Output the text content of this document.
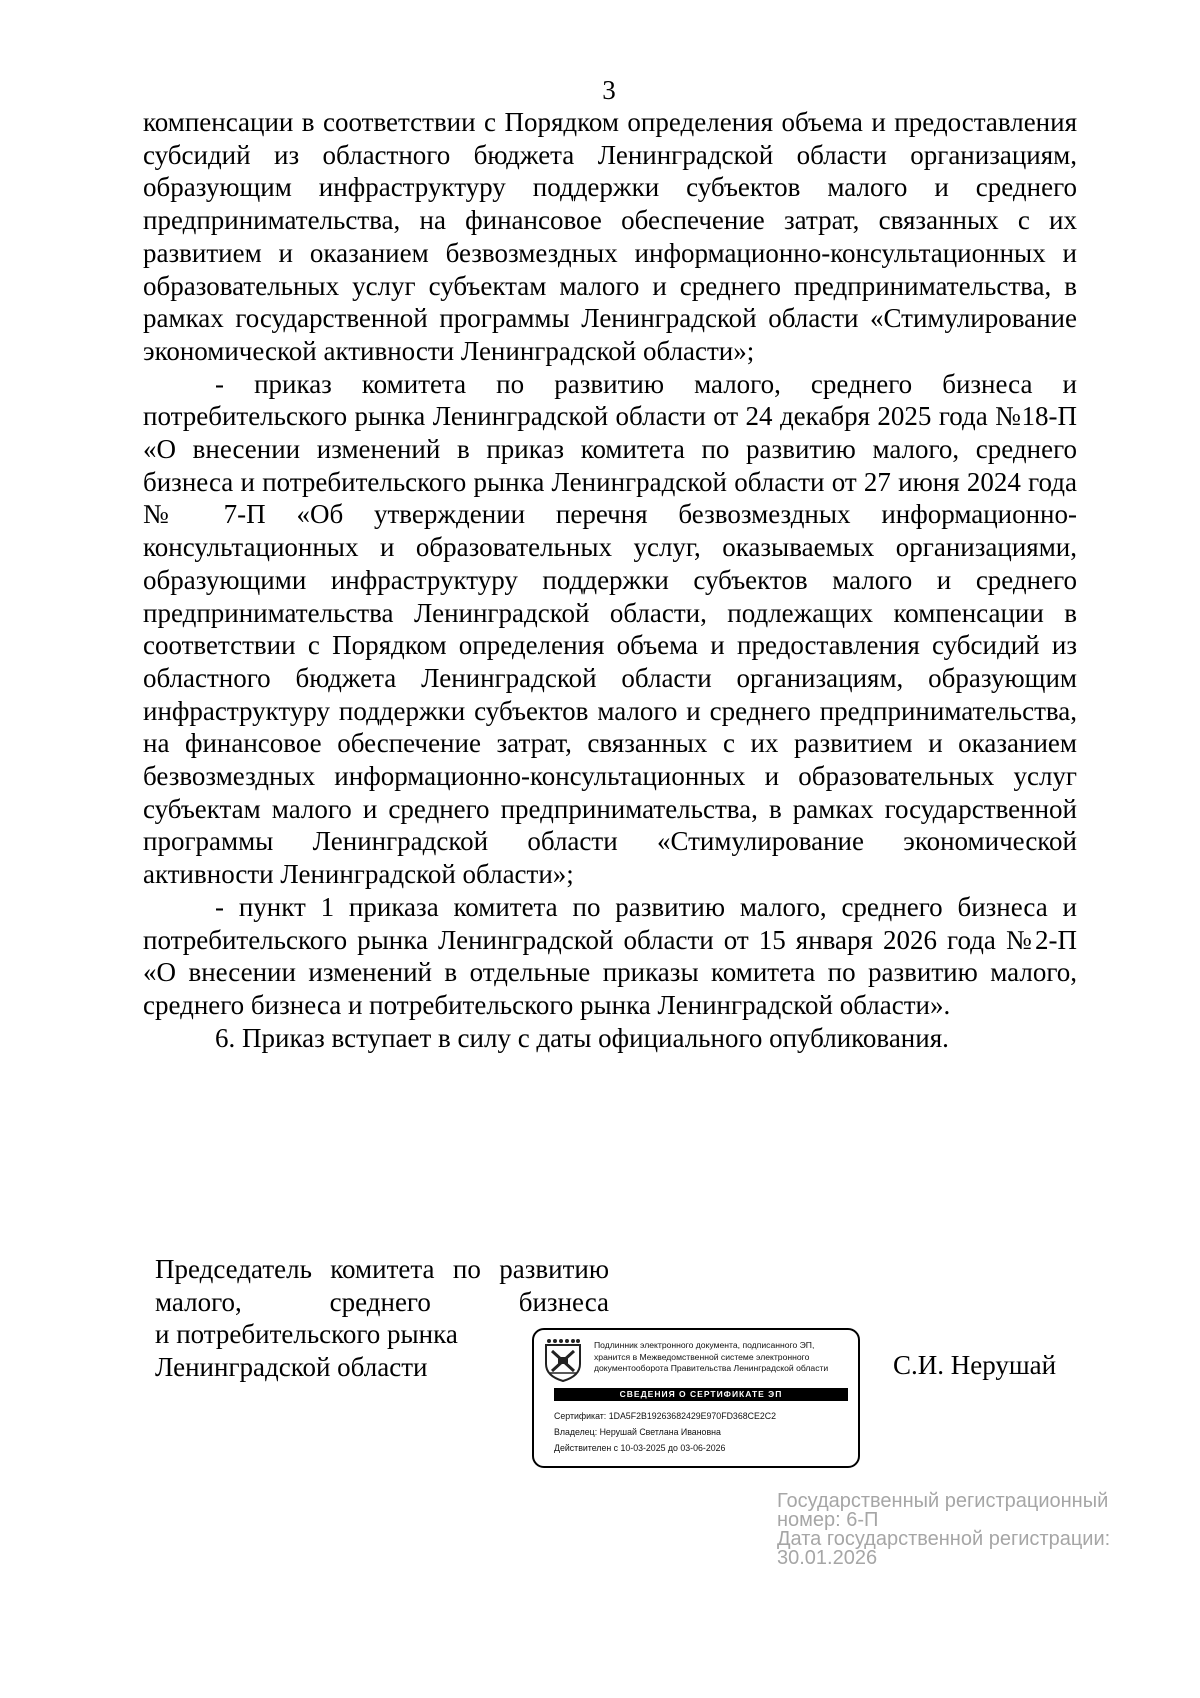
3

компенсации в соответствии с Порядком определения объема и предоставления субсидий из областного бюджета Ленинградской области организациям, образующим инфраструктуру поддержки субъектов малого и среднего предпринимательства, на финансовое обеспечение затрат, связанных с их развитием и оказанием безвозмездных информационно-консультационных и образовательных услуг субъектам малого и среднего предпринимательства, в рамках государственной программы Ленинградской области «Стимулирование экономической активности Ленинградской области»;

- приказ комитета по развитию малого, среднего бизнеса и потребительского рынка Ленинградской области от 24 декабря 2025 года №18-П «О внесении изменений в приказ комитета по развитию малого, среднего бизнеса и потребительского рынка Ленинградской области от 27 июня 2024 года № 7-П «Об утверждении перечня безвозмездных информационно-консультационных и образовательных услуг, оказываемых организациями, образующими инфраструктуру поддержки субъектов малого и среднего предпринимательства Ленинградской области, подлежащих компенсации в соответствии с Порядком определения объема и предоставления субсидий из областного бюджета Ленинградской области организациям, образующим инфраструктуру поддержки субъектов малого и среднего предпринимательства, на финансовое обеспечение затрат, связанных с их развитием и оказанием безвозмездных информационно-консультационных и образовательных услуг субъектам малого и среднего предпринимательства, в рамках государственной программы Ленинградской области «Стимулирование экономической активности Ленинградской области»;

- пункт 1 приказа комитета по развитию малого, среднего бизнеса и потребительского рынка Ленинградской области от 15 января 2026 года №2-П «О внесении изменений в отдельные приказы комитета по развитию малого, среднего бизнеса и потребительского рынка Ленинградской области».

6. Приказ вступает в силу с даты официального опубликования.

Председатель комитета по развитию
малого, среднего бизнеса
и потребительского рынка
Ленинградской области
Подлинник электронного документа, подписанного ЭП,
хранится в Межведомственной системе электронного
документооборота Правительства Ленинградской области
СВЕДЕНИЯ О СЕРТИФИКАТЕ ЭП
Сертификат: 1DA5F2B19263682429E970FD368CE2C2
Владелец: Нерушай Светлана Ивановна
Действителен с 10-03-2025 до 03-06-2026
С.И. Нерушай
Государственный регистрационный
номер: 6-П
Дата государственной регистрации:
30.01.2026
